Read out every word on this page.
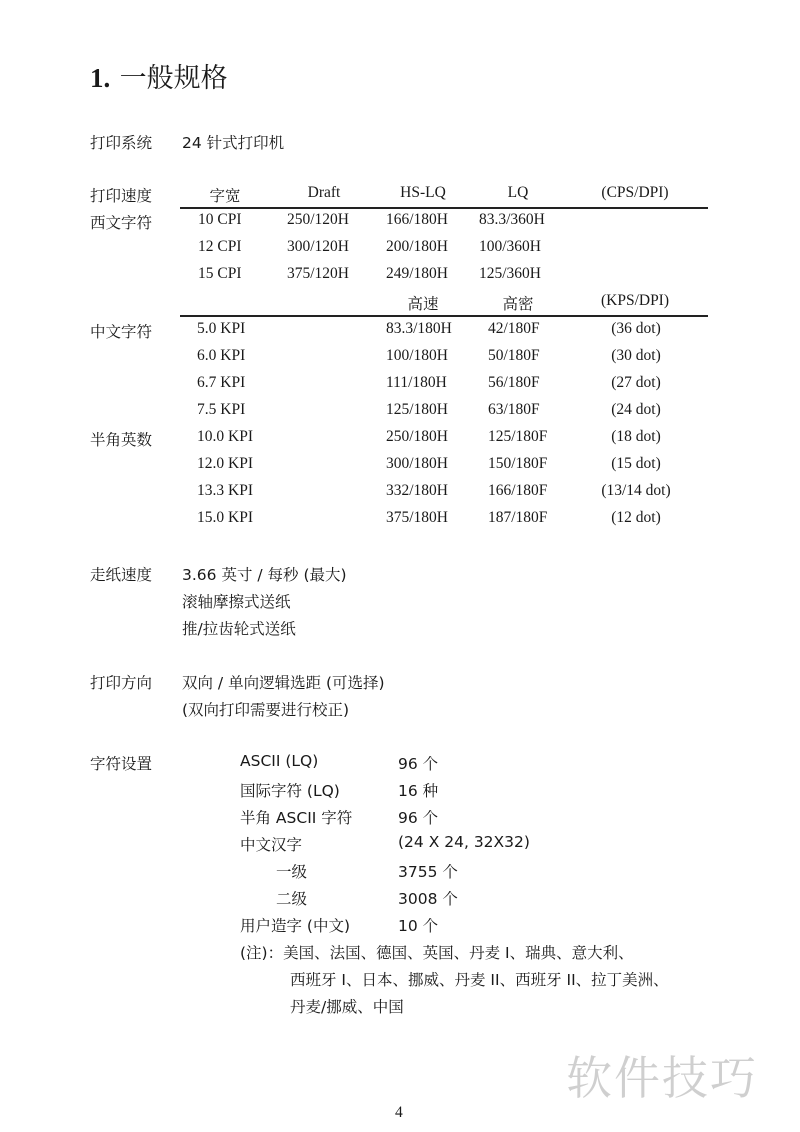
1. 一般规格
打印系统 24 针式打印机
打印速度	字宽	Draft	HS-LQ	LQ	(CPS/DPI)
西文字符	10 CPI	250/120H 166/180H 83.3/360H
12 CPI	300/120H 200/180H 100/360H
15 CPI	375/120H 249/180H 125/360H
高速	高密	(KPS/DPI)
中文字符
半角英数
5.0 KPI	83.3/180H 42/180F	(36 dot)
6.0 KPI	100/180H	50/180F	(30 dot)
6.7 KPI	111/180H	56/180F	(27 dot)
7.5 KPI	125/180H	63/180F	(24 dot)
10.0 KPI	250/180H	125/180F	(18 dot)
12.0 KPI	300/180H	150/180F	(15 dot)
13.3 KPI	332/180H	166/180F	(13/14 dot)
15.0 KPI	375/180H	187/180F	(12 dot)
走纸速度 3.66 英寸 / 每秒 (最大)
滚轴摩擦式送纸
推/拉齿轮式送纸
打印方向 双向 / 单向逻辑选距 (可选择)
(双向打印需要进行校正)
字符设置	ASCII (LQ)	96 个
国际字符 (LQ)	16 种
半角 ASCII 字符	96 个
中文汉字	(24 X 24, 32X32)
一级	3755 个
二级	3008 个
用户造字 (中文)	10 个
(注)：美国、法国、德国、英国、丹麦 I、瑞典、意大利、
西班牙 I、日本、挪威、丹麦 II、西班牙 II、拉丁美洲、
丹麦/挪威、中国
软件技巧
4
